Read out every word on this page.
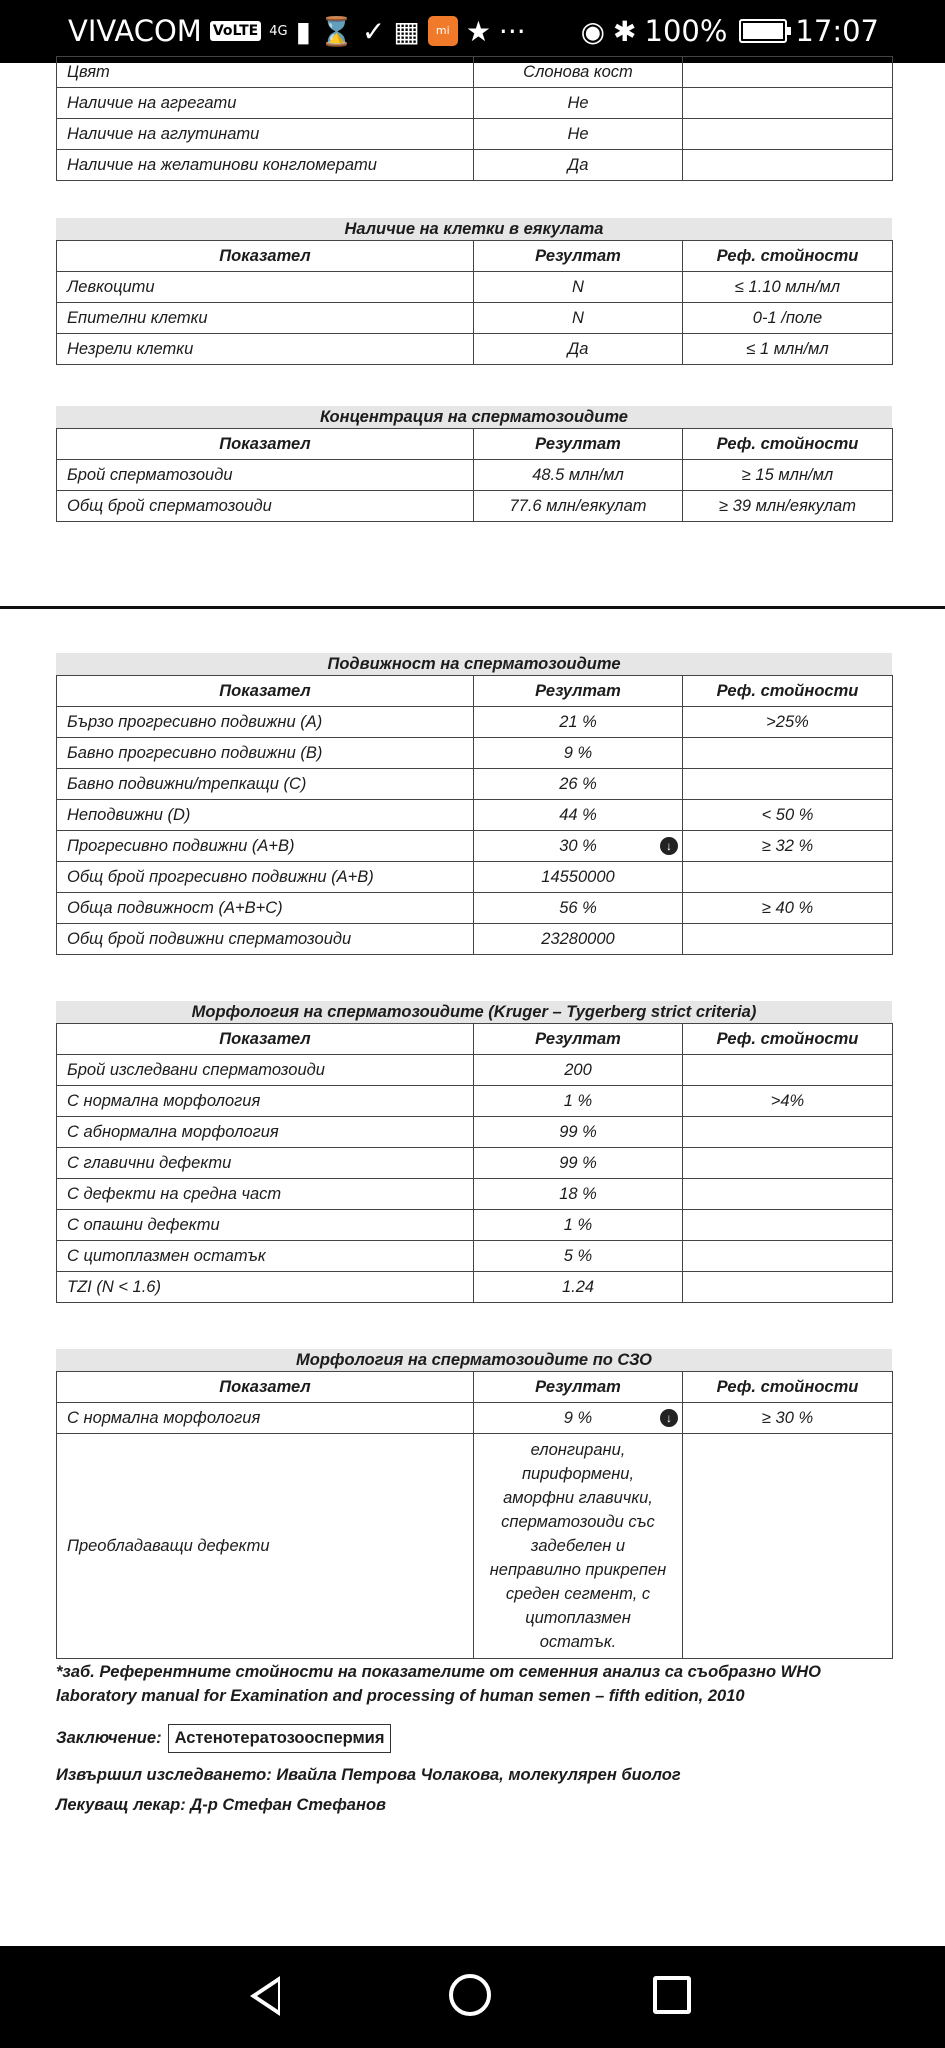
VIVACOM VoLTE 4G ▮ ⌛ ✓ ▦	mi ★ ··· ◉ ✱ 100% 17:07
Цвят	Слонова кост	
Наличие на агрегати	Не	
Наличие на аглутинати	Не	
Наличие на желатинови конгломерати	Да	
Наличие на клетки в еякулата
Показател	Резултат	Реф. стойности
Левкоцити	N	≤ 1.10 млн/мл
Епителни клетки	N	0-1 /поле
Незрели клетки	Да	≤ 1 млн/мл
Концентрация на сперматозоидите
Показател	Резултат	Реф. стойности
Брой сперматозоиди	48.5 млн/мл	≥ 15 млн/мл
Общ брой сперматозоиди	77.6 млн/еякулат	≥ 39 млн/еякулат
Подвижност на сперматозоидите
Показател	Резултат	Реф. стойности
Бързо прогресивно подвижни (А)	21 %	>25%
Бавно прогресивно подвижни (В)	9 %	
Бавно подвижни/трепкащи (С)	26 %	
Неподвижни (D)	44 %	< 50 %
Прогресивно подвижни (А+В)	30 % ↓	≥ 32 %
Общ брой прогресивно подвижни (А+В)	14550000	
Обща подвижност (А+В+С)	56 %	≥ 40 %
Общ брой подвижни сперматозоиди	23280000	
Морфология на сперматозоидите (Kruger – Tygerberg strict criteria)
Показател	Резултат	Реф. стойности
Брой изследвани сперматозоиди	200	
С нормална морфология	1 %	>4%
С абнормална морфология	99 %	
С главични дефекти	99 %	
С дефекти на средна част	18 %	
С опашни дефекти	1 %	
С цитоплазмен остатък	5 %	
TZI (N < 1.6)	1.24	
Морфология на сперматозоидите по СЗО
Показател	Резултат	Реф. стойности
С нормална морфология	9 % ↓	≥ 30 %
Преобладаващи дефекти	елонгирани, пириформени, аморфни главички, сперматозоиди със задебелен и неправилно прикрепен среден сегмент, с цитоплазмен остатък.	
*заб. Референтните стойности на показателите от семенния анализ са съобразно WHO laboratory manual for Examination and processing of human semen – fifth edition, 2010
Заключение: Астенотератозооспермия
Извършил изследването: Ивайла Петрова Чолакова, молекулярен биолог
Лекуващ лекар: Д-р Стефан Стефанов
